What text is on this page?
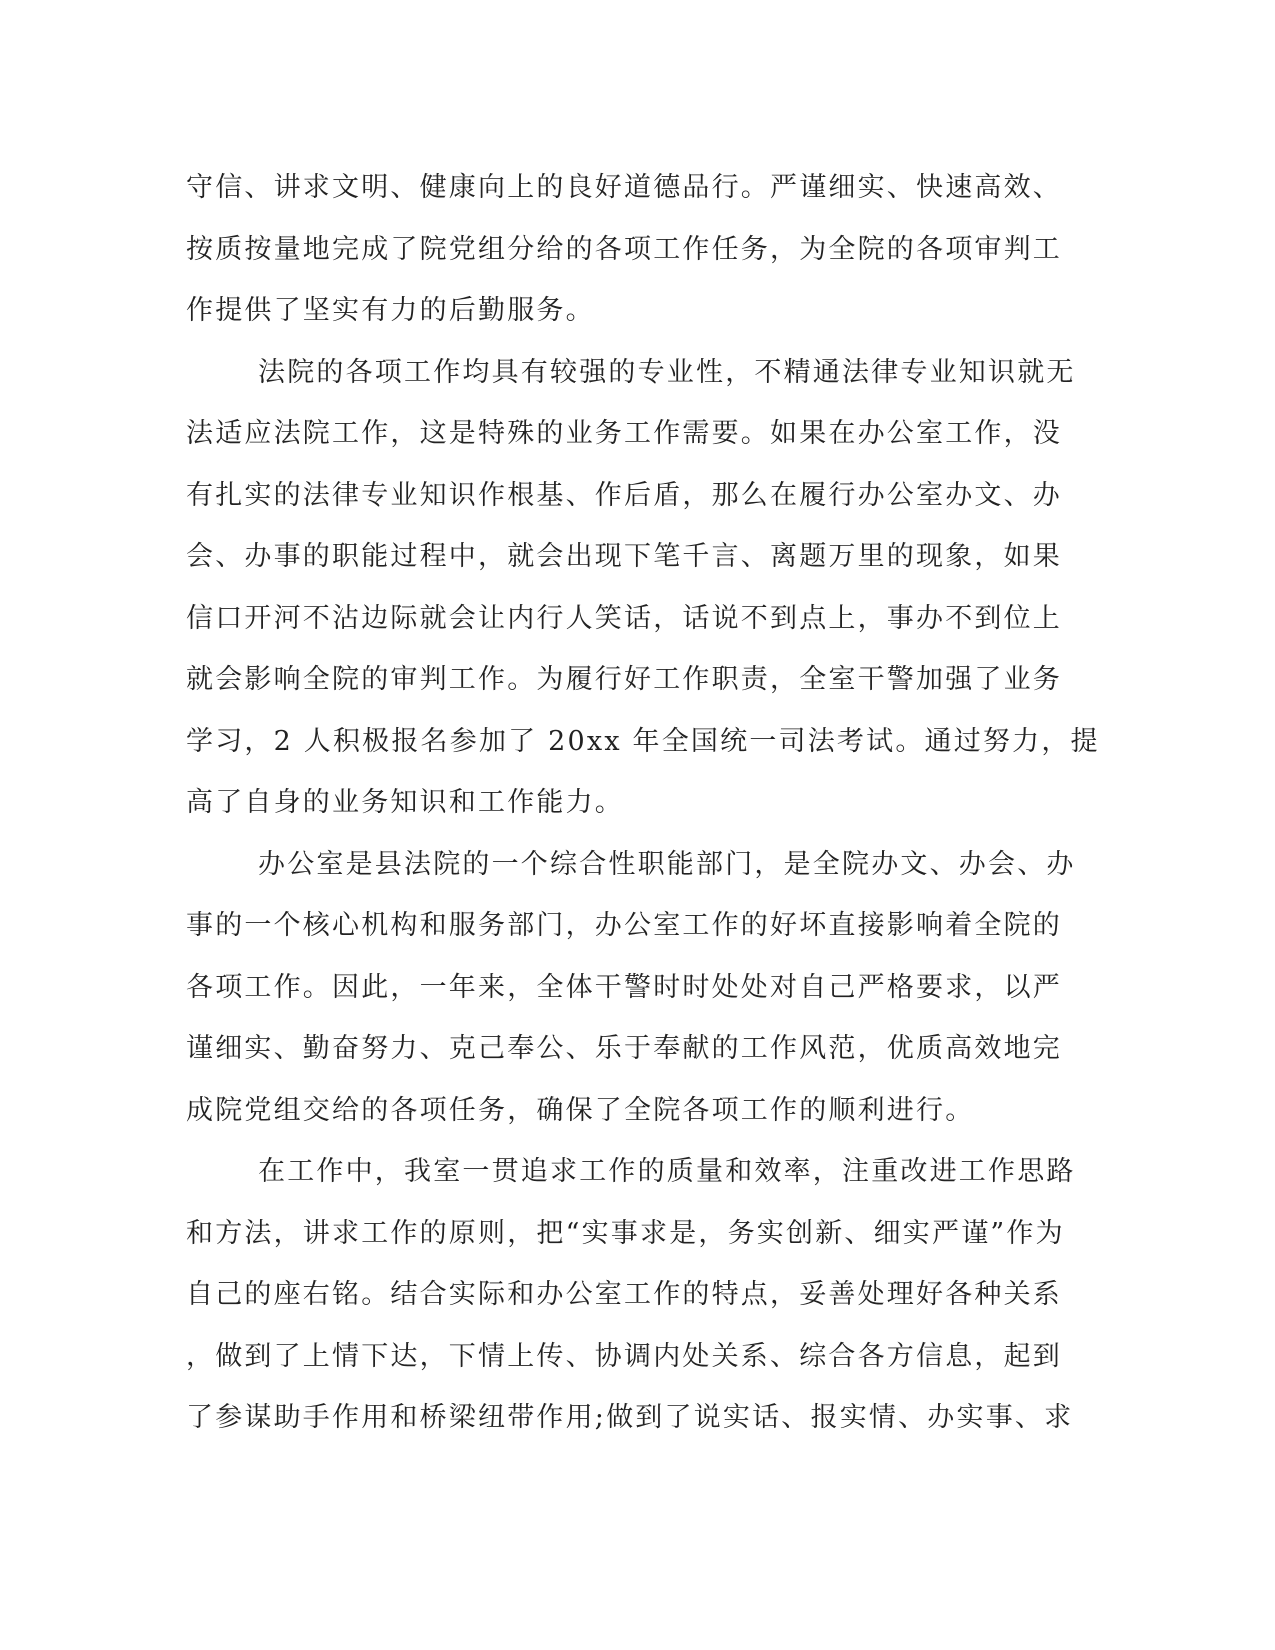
守信、讲求文明、健康向上的良好道德品行。严谨细实、快速高效、
按质按量地完成了院党组分给的各项工作任务，为全院的各项审判工
作提供了坚实有力的后勤服务。
法院的各项工作均具有较强的专业性，不精通法律专业知识就无
法适应法院工作，这是特殊的业务工作需要。如果在办公室工作，没
有扎实的法律专业知识作根基、作后盾，那么在履行办公室办文、办
会、办事的职能过程中，就会出现下笔千言、离题万里的现象，如果
信口开河不沾边际就会让内行人笑话，话说不到点上，事办不到位上
就会影响全院的审判工作。为履行好工作职责，全室干警加强了业务
学习，2 人积极报名参加了 20xx 年全国统一司法考试。通过努力，提
高了自身的业务知识和工作能力。
办公室是县法院的一个综合性职能部门，是全院办文、办会、办
事的一个核心机构和服务部门，办公室工作的好坏直接影响着全院的
各项工作。因此，一年来，全体干警时时处处对自己严格要求，以严
谨细实、勤奋努力、克己奉公、乐于奉献的工作风范，优质高效地完
成院党组交给的各项任务，确保了全院各项工作的顺利进行。
在工作中，我室一贯追求工作的质量和效率，注重改进工作思路
和方法，讲求工作的原则，把“实事求是，务实创新、细实严谨”作为
自己的座右铭。结合实际和办公室工作的特点，妥善处理好各种关系
，做到了上情下达，下情上传、协调内处关系、综合各方信息，起到
了参谋助手作用和桥梁纽带作用;做到了说实话、报实情、办实事、求
